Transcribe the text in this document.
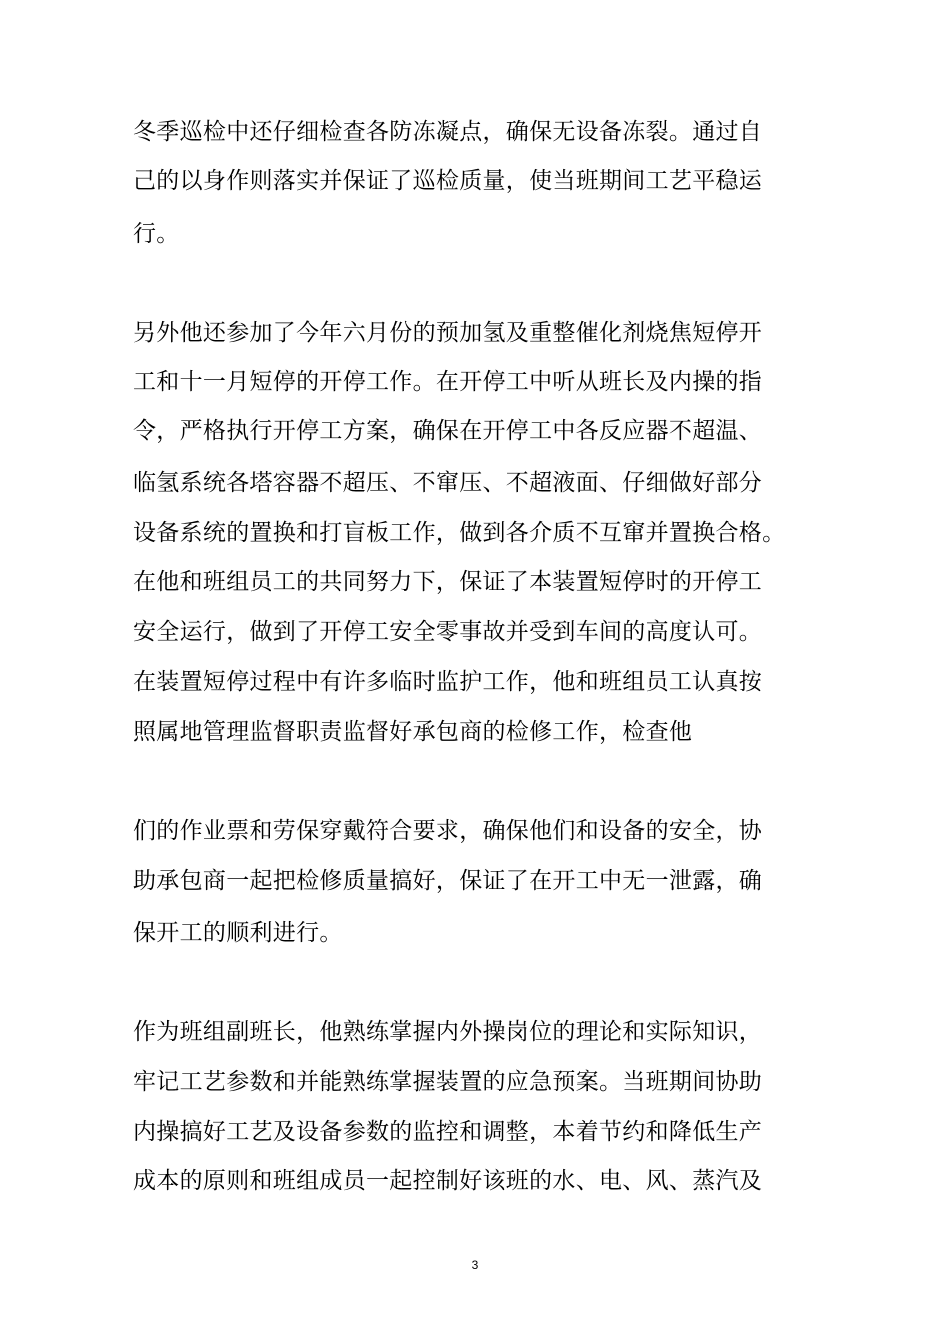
冬季巡检中还仔细检查各防冻凝点，确保无设备冻裂。通过自
己的以身作则落实并保证了巡检质量，使当班期间工艺平稳运
行。
另外他还参加了今年六月份的预加氢及重整催化剂烧焦短停开
工和十一月短停的开停工作。在开停工中听从班长及内操的指
令，严格执行开停工方案，确保在开停工中各反应器不超温、
临氢系统各塔容器不超压、不窜压、不超液面、仔细做好部分
设备系统的置换和打盲板工作，做到各介质不互窜并置换合格。
在他和班组员工的共同努力下，保证了本装置短停时的开停工
安全运行，做到了开停工安全零事故并受到车间的高度认可。
在装置短停过程中有许多临时监护工作，他和班组员工认真按
照属地管理监督职责监督好承包商的检修工作，检查他
们的作业票和劳保穿戴符合要求，确保他们和设备的安全，协
助承包商一起把检修质量搞好，保证了在开工中无一泄露，确
保开工的顺利进行。
作为班组副班长，他熟练掌握内外操岗位的理论和实际知识，
牢记工艺参数和并能熟练掌握装置的应急预案。当班期间协助
内操搞好工艺及设备参数的监控和调整，本着节约和降低生产
成本的原则和班组成员一起控制好该班的水、电、风、蒸汽及
3
